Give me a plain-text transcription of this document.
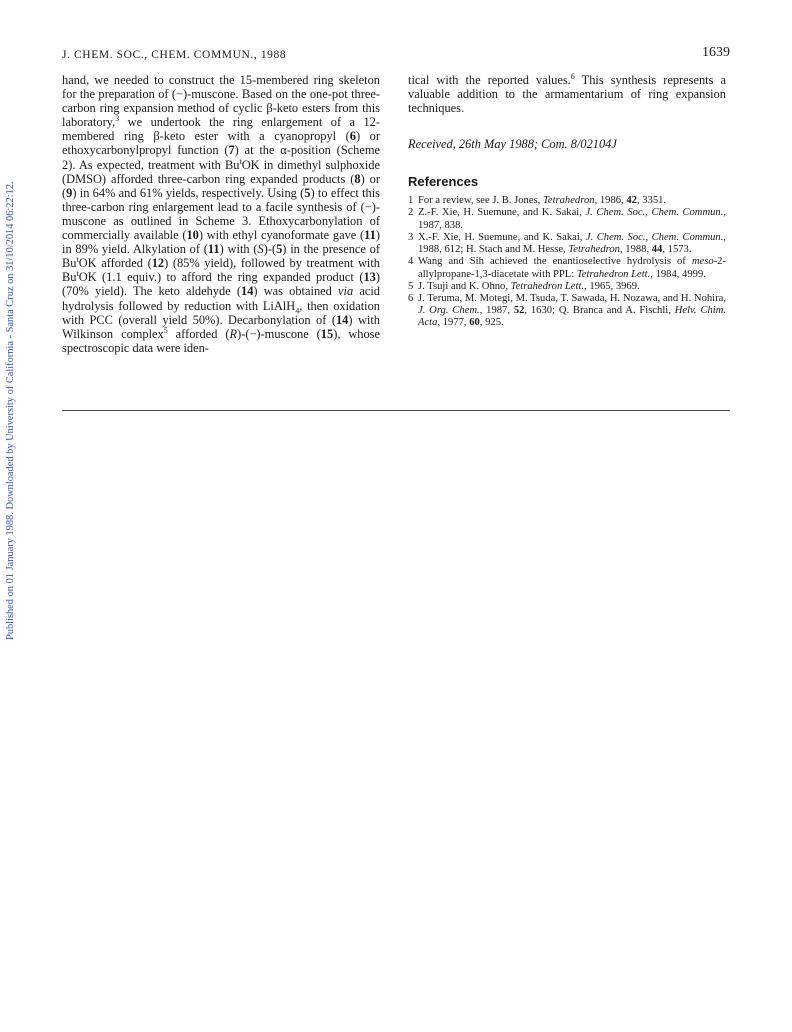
J. CHEM. SOC., CHEM. COMMUN., 1988	1639
Published on 01 January 1988. Downloaded by University of California - Santa Cruz on 31/10/2014 06:22:12.
hand, we needed to construct the 15-membered ring skeleton for the preparation of (−)-muscone. Based on the one-pot three-carbon ring expansion method of cyclic β-keto esters from this laboratory,$^3$ we undertook the ring enlargement of a 12-membered ring β-keto ester with a cyanopropyl (6) or ethoxycarbonylpropyl function (7) at the α-position (Scheme 2). As expected, treatment with Bu$^t$OK in dimethyl sulphoxide (DMSO) afforded three-carbon ring expanded products (8) or (9) in 64% and 61% yields, respectively. Using (5) to effect this three-carbon ring enlargement lead to a facile synthesis of (−)-muscone as outlined in Scheme 3. Ethoxycarbonylation of commercially available (10) with ethyl cyanoformate gave (11) in 89% yield. Alkylation of (11) with (S)-(5) in the presence of Bu$^t$OK afforded (12) (85% yield), followed by treatment with Bu$^t$OK (1.1 equiv.) to afford the ring expanded product (13) (70% yield). The keto aldehyde (14) was obtained via acid hydrolysis followed by reduction with LiAlH$_4$, then oxidation with PCC (overall yield 50%). Decarbonylation of (14) with Wilkinson complex$^5$ afforded (R)-(−)-muscone (15), whose spectroscopic data were iden-
tical with the reported values.$^6$ This synthesis represents a valuable addition to the armamentarium of ring expansion techniques.
Received, 26th May 1988; Com. 8/02104J
References
1 For a review, see J. B. Jones, Tetrahedron, 1986, 42, 3351.
2 Z.-F. Xie, H. Suemune, and K. Sakai, J. Chem. Soc., Chem. Commun., 1987, 838.
3 X.-F. Xie, H. Suemune, and K. Sakai, J. Chem. Soc., Chem. Commun., 1988, 612; H. Stach and M. Hesse, Tetrahedron, 1988, 44, 1573.
4 Wang and Sih achieved the enantioselective hydrolysis of meso-2-allylpropane-1,3-diacetate with PPL: Tetrahedron Lett., 1984, 4999.
5 J. Tsuji and K. Ohno, Tetrahedron Lett., 1965, 3969.
6 J. Teruma, M. Motegi, M. Tsuda, T. Sawada, H. Nozawa, and H. Nohira, J. Org. Chem., 1987, 52, 1630; Q. Branca and A. Fischli, Helv. Chim. Acta, 1977, 60, 925.
